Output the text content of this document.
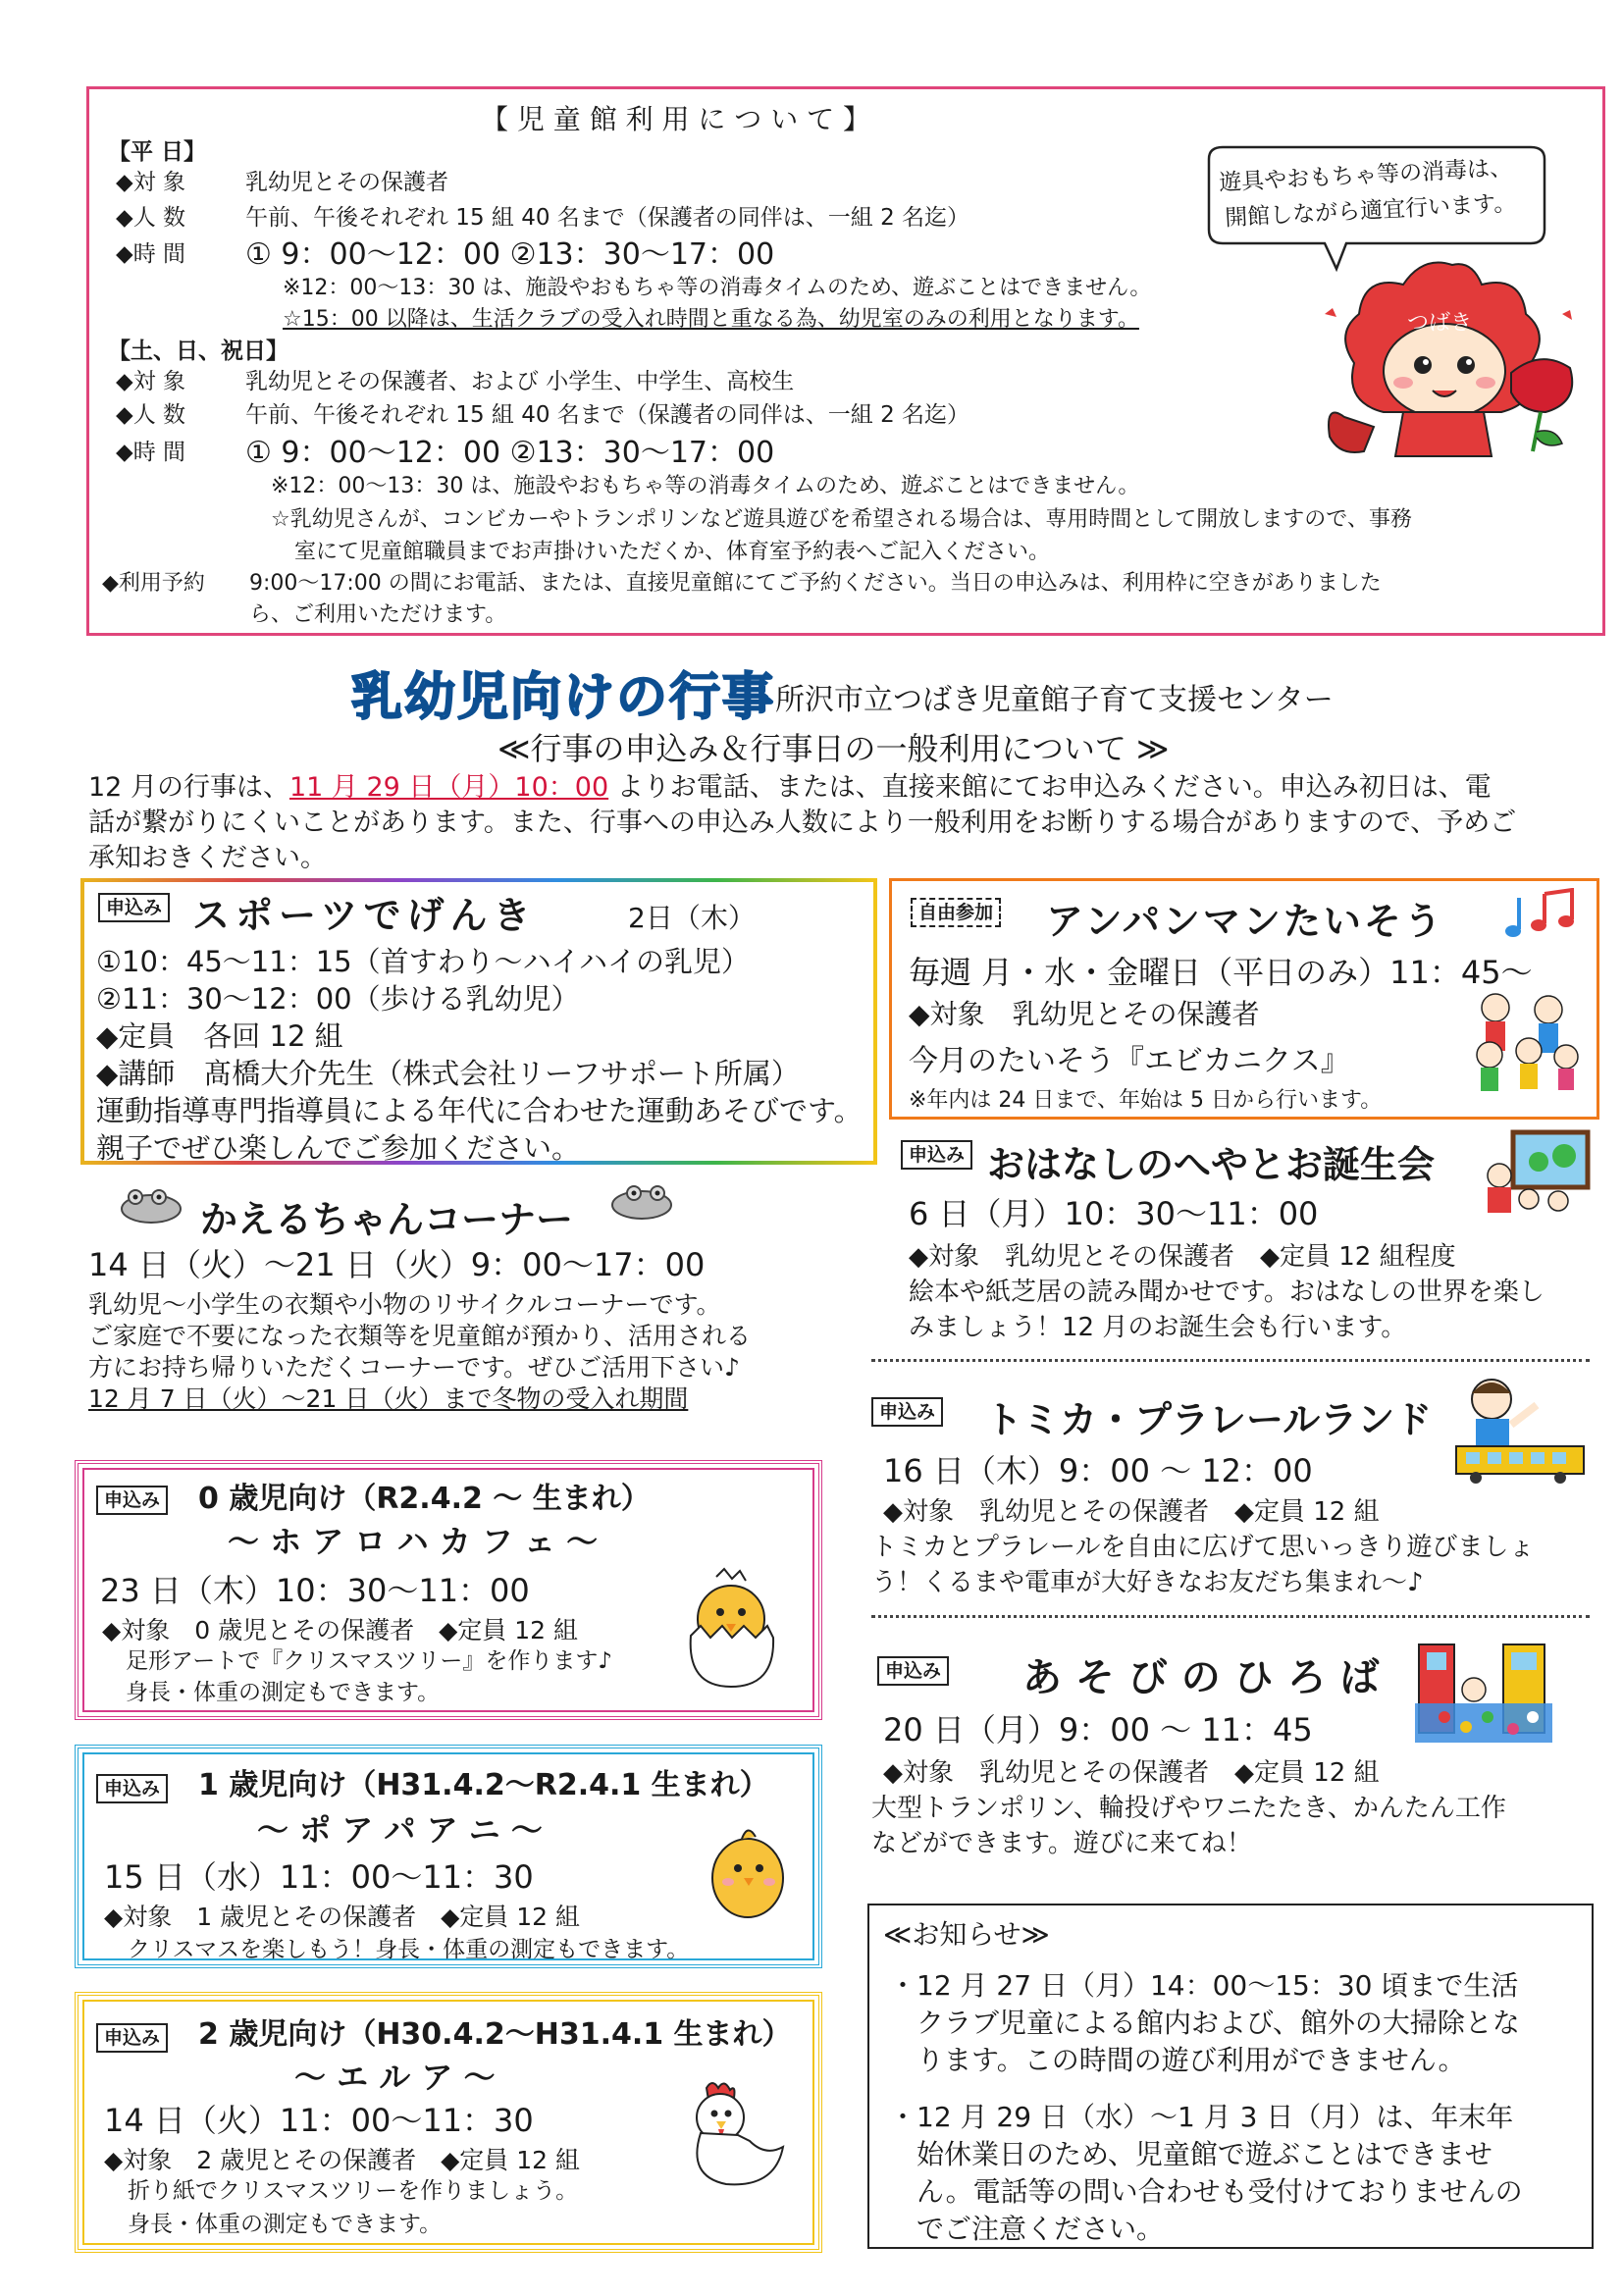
【 児 童 館 利 用 に つ い て 】
【平 日】
◆対 象	乳幼児とその保護者
◆人 数	午前、午後それぞれ 15 組 40 名まで（保護者の同伴は、一組 2 名迄）
◆時 間 ① 9：00〜12：00 ②13：30〜17：00
※12：00〜13：30 は、施設やおもちゃ等の消毒タイムのため、遊ぶことはできません。
☆15：00 以降は、生活クラブの受入れ時間と重なる為、幼児室のみの利用となります。
【土、日、祝日】
◆対 象	乳幼児とその保護者、および 小学生、中学生、高校生
◆人 数	午前、午後それぞれ 15 組 40 名まで（保護者の同伴は、一組 2 名迄）
◆時 間 ① 9：00〜12：00 ②13：30〜17：00
※12：00〜13：30 は、施設やおもちゃ等の消毒タイムのため、遊ぶことはできません。
☆乳幼児さんが、コンビカーやトランポリンなど遊具遊びを希望される場合は、専用時間として開放しますので、事務
室にて児童館職員までお声掛けいただくか、体育室予約表へご記入ください。
◆利用予約 9:00〜17:00 の間にお電話、または、直接児童館にてご予約ください。当日の申込みは、利用枠に空きがありました
ら、ご利用いただけます。
遊具やおもちゃ等の消毒は、
開館しながら適宜行います。
つばき
乳幼児向けの行事 所沢市立つばき児童館子育て支援センター
≪行事の申込み＆行事日の一般利用について ≫
12 月の行事は、11 月 29 日（月）10：00 よりお電話、または、直接来館にてお申込みください。申込み初日は、電
話が繋がりにくいことがあります。また、行事への申込み人数により一般利用をお断りする場合がありますので、予めご
承知おきください。
申込み スポーツでげんき	2日（木）
①10：45〜11：15（首すわり〜ハイハイの乳児）
②11：30〜12：00（歩ける乳幼児）
◆定員　各回 12 組
◆講師　髙橋大介先生（株式会社リーフサポート所属）
運動指導専門指導員による年代に合わせた運動あそびです。
親子でぜひ楽しんでご参加ください。
かえるちゃんコーナー
14 日（火）〜21 日（火）9：00〜17：00
乳幼児〜小学生の衣類や小物のリサイクルコーナーです。
ご家庭で不要になった衣類等を児童館が預かり、活用される
方にお持ち帰りいただくコーナーです。ぜひご活用下さい♪
12 月 7 日（火）〜21 日（火）まで冬物の受入れ期間
申込み 0 歳児向け（R2.4.2 〜 生まれ）
〜 ホ ア ロ ハ カ フ ェ 〜
23 日（木）10：30〜11：00
◆対象　0 歳児とその保護者　◆定員 12 組
足形アートで『クリスマスツリー』を作ります♪
身長・体重の測定もできます。
申込み 1 歳児向け（H31.4.2〜R2.4.1 生まれ）
〜 ポ ア パ ア ニ 〜
15 日（水）11：00〜11：30
◆対象　1 歳児とその保護者　◆定員 12 組
クリスマスを楽しもう！身長・体重の測定もできます。
申込み 2 歳児向け（H30.4.2〜H31.4.1 生まれ）
〜 エ ル ア 〜
14 日（火）11：00〜11：30
◆対象　2 歳児とその保護者　◆定員 12 組
折り紙でクリスマスツリーを作りましょう。
身長・体重の測定もできます。
自由参加 アンパンマンたいそう
毎週 月・水・金曜日（平日のみ）11：45〜
◆対象　乳幼児とその保護者
今月のたいそう『エビカニクス』
※年内は 24 日まで、年始は 5 日から行います。
申込み おはなしのへやとお誕生会
6 日（月）10：30〜11：00
◆対象　乳幼児とその保護者　◆定員 12 組程度
絵本や紙芝居の読み聞かせです。おはなしの世界を楽し
みましょう！12 月のお誕生会も行います。
申込み トミカ・プラレールランド
16 日（木）9：00 〜 12：00
◆対象　乳幼児とその保護者　◆定員 12 組
トミカとプラレールを自由に広げて思いっきり遊びましょ
う！くるまや電車が大好きなお友だち集まれ〜♪
申込み あ そ び の ひ ろ ば
20 日（月）9：00 〜 11：45
◆対象　乳幼児とその保護者　◆定員 12 組
大型トランポリン、輪投げやワニたたき、かんたん工作
などができます。遊びに来てね！
≪お知らせ≫
・12 月 27 日（月）14：00〜15：30 頃まで生活
クラブ児童による館内および、館外の大掃除とな
ります。この時間の遊び利用ができません。
・12 月 29 日（水）〜1 月 3 日（月）は、年末年
始休業日のため、児童館で遊ぶことはできませ
ん。電話等の問い合わせも受付けておりませんの
でご注意ください。
